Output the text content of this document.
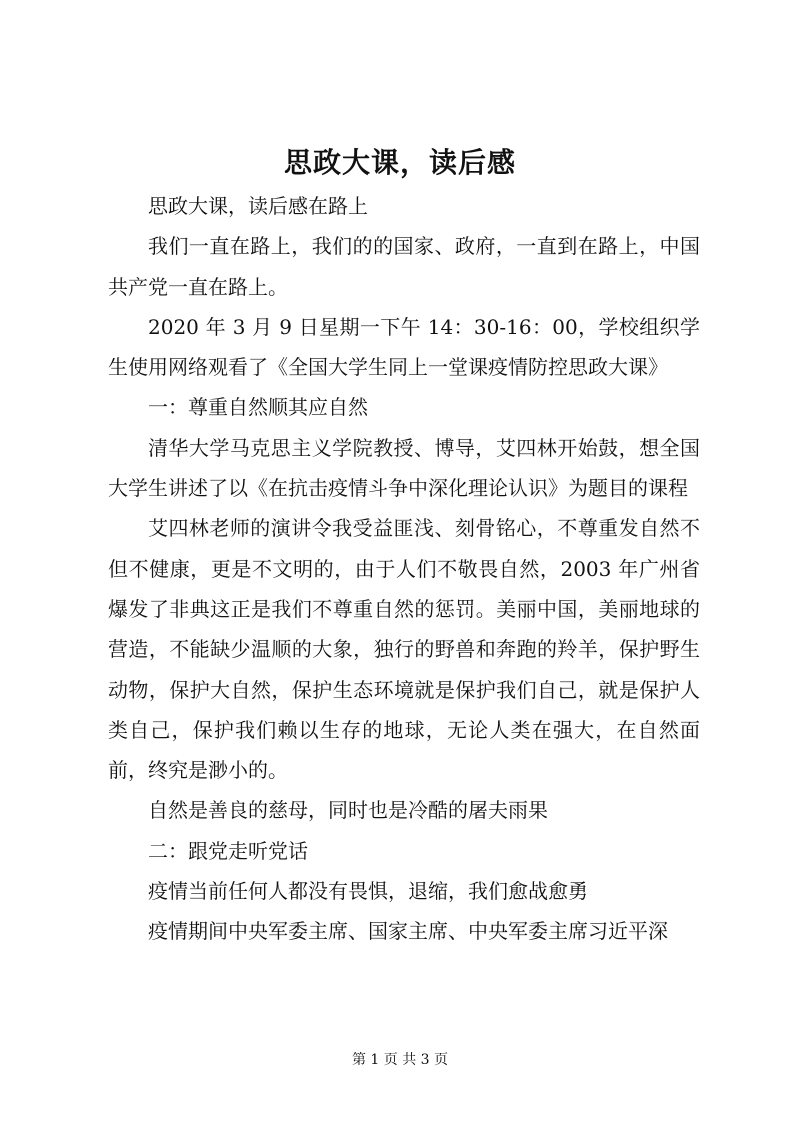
思政大课，读后感

思政大课，读后感在路上

我们一直在路上，我们的的国家、政府，一直到在路上，中国共产党一直在路上。

2020 年 3 月 9 日星期一下午 14：30-16：00，学校组织学生使用网络观看了《全国大学生同上一堂课疫情防控思政大课》

一：尊重自然顺其应自然

清华大学马克思主义学院教授、博导，艾四林开始鼓，想全国大学生讲述了以《在抗击疫情斗争中深化理论认识》为题目的课程

艾四林老师的演讲令我受益匪浅、刻骨铭心，不尊重发自然不但不健康，更是不文明的，由于人们不敬畏自然，2003 年广州省爆发了非典这正是我们不尊重自然的惩罚。美丽中国，美丽地球的营造，不能缺少温顺的大象，独行的野兽和奔跑的羚羊，保护野生动物，保护大自然，保护生态环境就是保护我们自己，就是保护人类自己，保护我们赖以生存的地球，无论人类在强大，在自然面前，终究是渺小的。

自然是善良的慈母，同时也是冷酷的屠夫雨果

二：跟党走听党话

疫情当前任何人都没有畏惧，退缩，我们愈战愈勇

疫情期间中央军委主席、国家主席、中央军委主席习近平深

第 1 页 共 3 页
